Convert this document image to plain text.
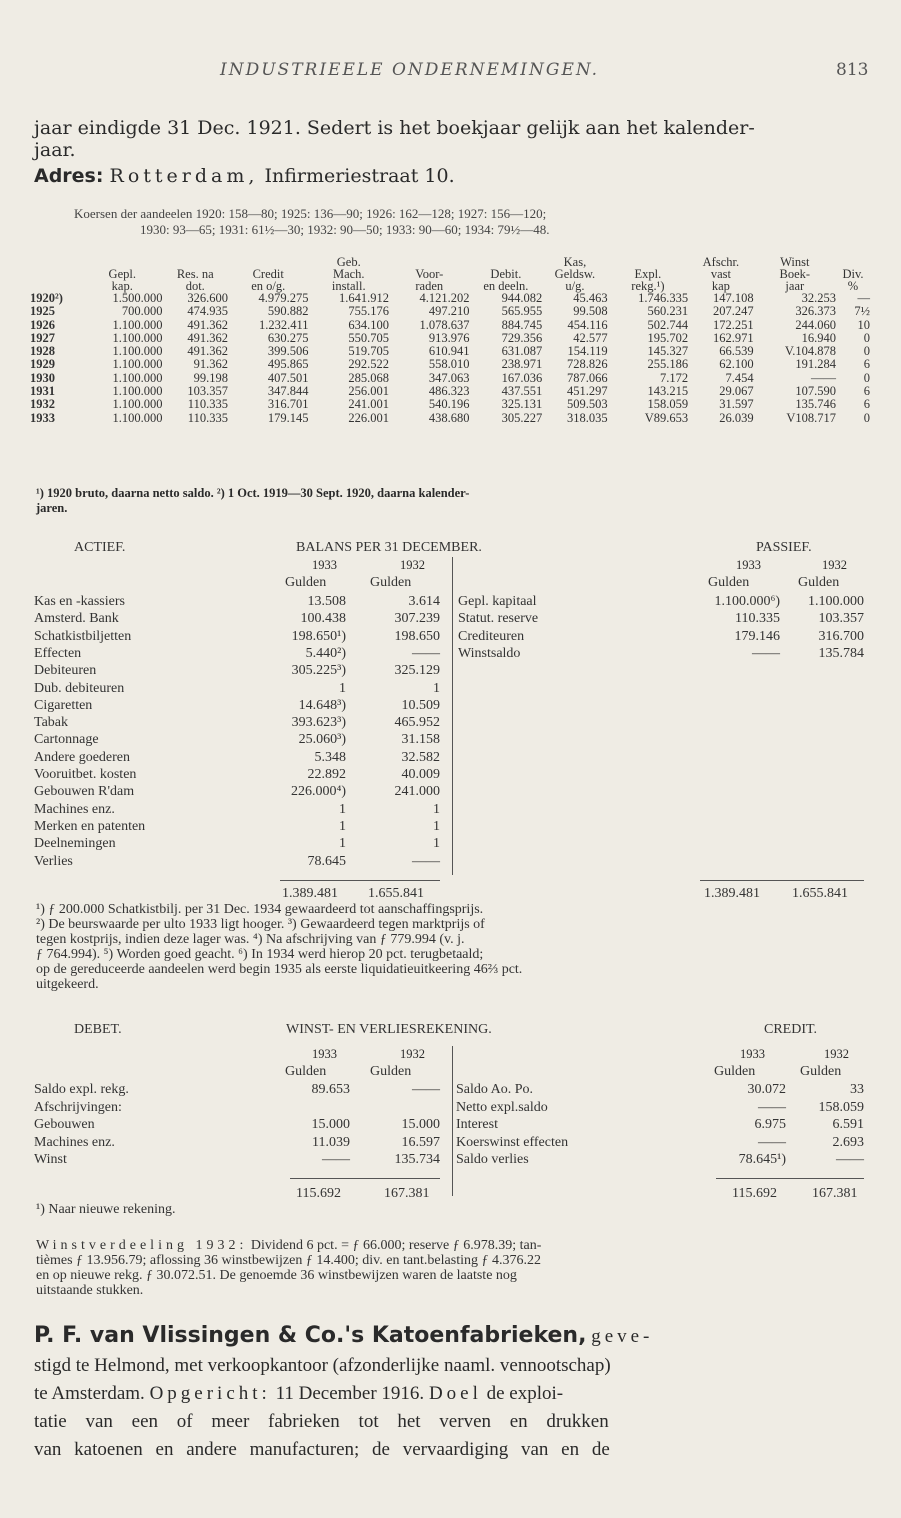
INDUSTRIEELE ONDERNEMINGEN.	813
jaar eindigde 31 Dec. 1921. Sedert is het boekjaar gelijk aan het kalender-
jaar.
Adres: Rotterdam, Infirmeriestraat 10.
Koersen der aandeelen 1920: 158—80; 1925: 136—90; 1926: 162—128; 1927: 156—120;
1930: 93—65; 1931: 61½—30; 1932: 90—50; 1933: 90—60; 1934: 79½—48.
				Geb.			Kas,		Afschr.	Winst	
	Gepl.	Res. na	Credit	Mach.	Voor-	Debit.	Geldsw.	Expl.	vast	Boek-	Div.
	kap.	dot.	en o/g.	install.	raden	en deeln.	u/g.	rekg.¹)	kap	jaar	%
1920²)	1.500.000	326.600	4.979.275	1.641.912	4.121.202	944.082	45.463	1.746.335	147.108	32.253	—
1925	700.000	474.935	590.882	755.176	497.210	565.955	99.508	560.231	207.247	326.373	7½
1926	1.100.000	491.362	1.232.411	634.100	1.078.637	884.745	454.116	502.744	172.251	244.060	10
1927	1.100.000	491.362	630.275	550.705	913.976	729.356	42.577	195.702	162.971	16.940	0
1928	1.100.000	491.362	399.506	519.705	610.941	631.087	154.119	145.327	66.539	V.104.878	0
1929	1.100.000	91.362	495.865	292.522	558.010	238.971	728.826	255.186	62.100	191.284	6
1930	1.100.000	99.198	407.501	285.068	347.063	167.036	787.066	7.172	7.454	——	0
1931	1.100.000	103.357	347.844	256.001	486.323	437.551	451.297	143.215	29.067	107.590	6
1932	1.100.000	110.335	316.701	241.001	540.196	325.131	509.503	158.059	31.597	135.746	6
1933	1.100.000	110.335	179.145	226.001	438.680	305.227	318.035	V89.653	26.039	V108.717	0
¹) 1920 bruto, daarna netto saldo. ²) 1 Oct. 1919—30 Sept. 1920, daarna kalender-
jaren.
ACTIEF.	BALANS PER 31 DECEMBER.	PASSIEF.
1933	1932	1933	1932
Gulden	Gulden	Gulden	Gulden
Kas en -kassiers	13.508	3.614
Amsterd. Bank	100.438	307.239
Schatkistbiljetten	198.650¹)	198.650
Effecten	5.440²)	——
Debiteuren	305.225³)	325.129
Dub. debiteuren	1	1
Cigaretten	14.648³)	10.509
Tabak	393.623³)	465.952
Cartonnage	25.060³)	31.158
Andere goederen	5.348	32.582
Vooruitbet. kosten	22.892	40.009
Gebouwen R'dam	226.000⁴)	241.000
Machines enz.	1	1
Merken en patenten	1	1
Deelnemingen	1	1
Verlies	78.645	——
Gepl. kapitaal	1.100.000⁶)	1.100.000
Statut. reserve	110.335	103.357
Crediteuren	179.146	316.700
Winstsaldo	——	135.784
1.389.481 1.655.841	1.389.481 1.655.841
¹) ƒ 200.000 Schatkistbilj. per 31 Dec. 1934 gewaardeerd tot aanschaffingsprijs.
²) De beurswaarde per ulto 1933 ligt hooger. ³) Gewaardeerd tegen marktprijs of
tegen kostprijs, indien deze lager was. ⁴) Na afschrijving van ƒ 779.994 (v. j.
ƒ 764.994). ⁵) Worden goed geacht. ⁶) In 1934 werd hierop 20 pct. terugbetaald;
op de gereduceerde aandeelen werd begin 1935 als eerste liquidatieuitkeering 46⅔ pct.
uitgekeerd.
DEBET.	WINST- EN VERLIESREKENING.	CREDIT.
1933	1932	1933	1932
Gulden	Gulden	Gulden	Gulden
Saldo expl. rekg.	89.653	——
Afschrijvingen:
Gebouwen	15.000	15.000
Machines enz.	11.039	16.597
Winst	——	135.734
Saldo Ao. Po.	30.072	33
Netto expl.saldo	——	158.059
Interest	6.975	6.591
Koerswinst effecten	——	2.693
Saldo verlies	78.645¹)	——
115.692	167.381	115.692	167.381
¹) Naar nieuwe rekening.
Winstverdeeling 1932: Dividend 6 pct. = ƒ 66.000; reserve ƒ 6.978.39; tan-
tièmes ƒ 13.956.79; aflossing 36 winstbewijzen ƒ 14.400; div. en tant.belasting ƒ 4.376.22
en op nieuwe rekg. ƒ 30.072.51. De genoemde 36 winstbewijzen waren de laatste nog
uitstaande stukken.
P. F. van Vlissingen & Co.'s Katoenfabrieken, geve-
stigd te Helmond, met verkoopkantoor (afzonderlijke naaml. vennootschap)
te Amsterdam. Opgericht: 11 December 1916. Doel de exploi-
tatie van een of meer fabrieken tot het verven en drukken
van katoenen en andere manufacturen; de vervaardiging van en de
